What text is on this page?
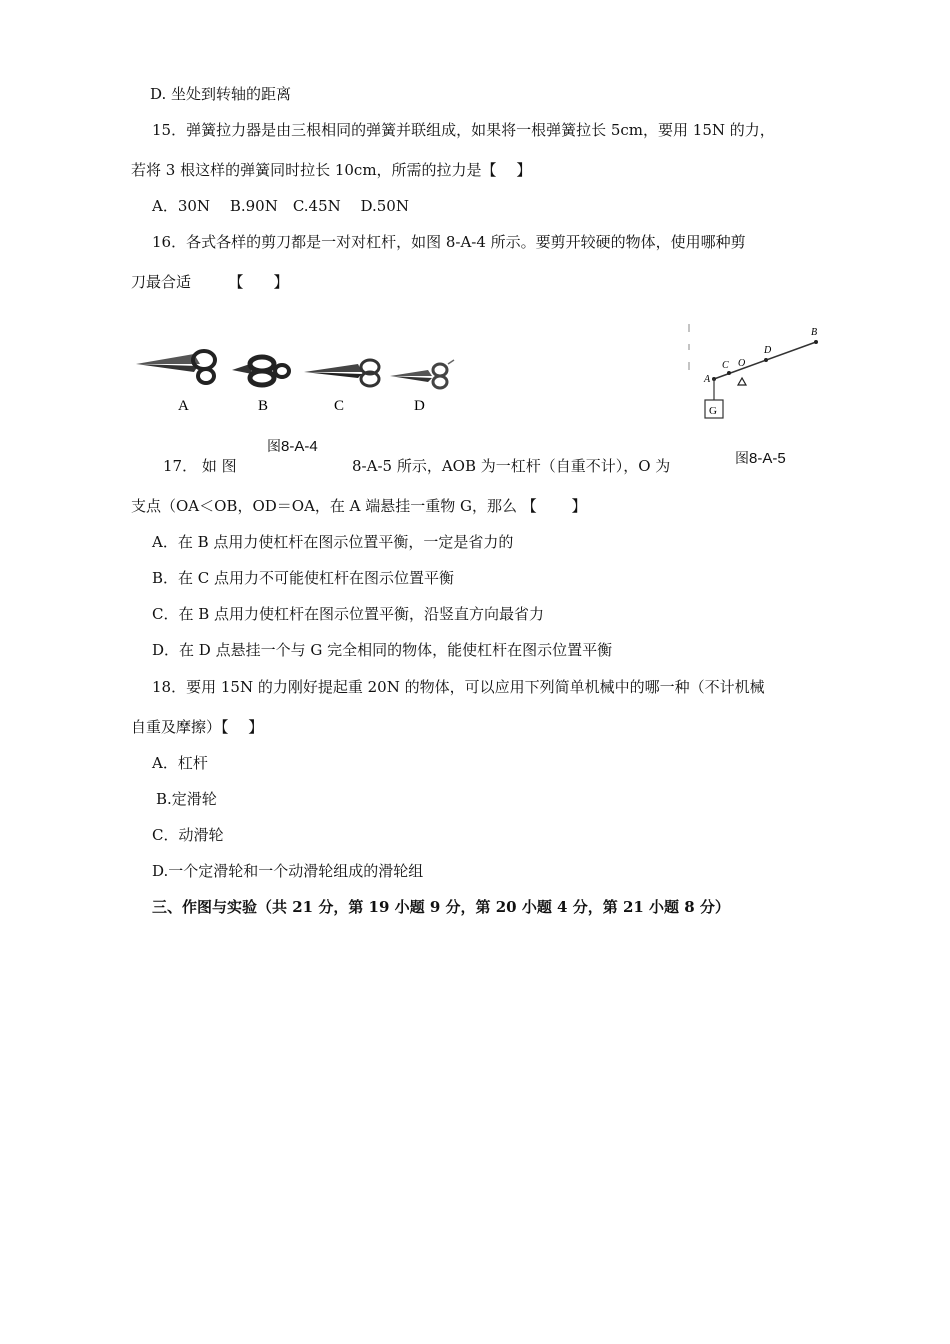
D. 坐处到转轴的距离
15．弹簧拉力器是由三根相同的弹簧并联组成，如果将一根弹簧拉长 5cm，要用 15N 的力，
若将 3 根这样的弹簧同时拉长 10cm，所需的拉力是【　 】
A．30N　 B.90N　C.45N　 D.50N
16．各式各样的剪刀都是一对对杠杆，如图 8-A-4 所示。要剪开较硬的物体，使用哪种剪
刀最合适　　　【　　】
A	B	C	D
图8-A-4
G
A
C O
D
B
图8-A-5
17． 如 图	8-A-5 所示，AOB 为一杠杆（自重不计），O 为
支点（OA＜OB，OD＝OA，在 A 端悬挂一重物 G，那么 【　　 】
A．在 B 点用力使杠杆在图示位置平衡，一定是省力的
B．在 C 点用力不可能使杠杆在图示位置平衡
C．在 B 点用力使杠杆在图示位置平衡，沿竖直方向最省力
D．在 D 点悬挂一个与 G 完全相同的物体，能使杠杆在图示位置平衡
18．要用 15N 的力刚好提起重 20N 的物体，可以应用下列简单机械中的哪一种（不计机械
自重及摩擦）【　 】
A．杠杆
B.定滑轮
C．动滑轮
D.一个定滑轮和一个动滑轮组成的滑轮组
三、作图与实验（共 21 分，第 19 小题 9 分，第 20 小题 4 分，第 21 小题 8 分）
